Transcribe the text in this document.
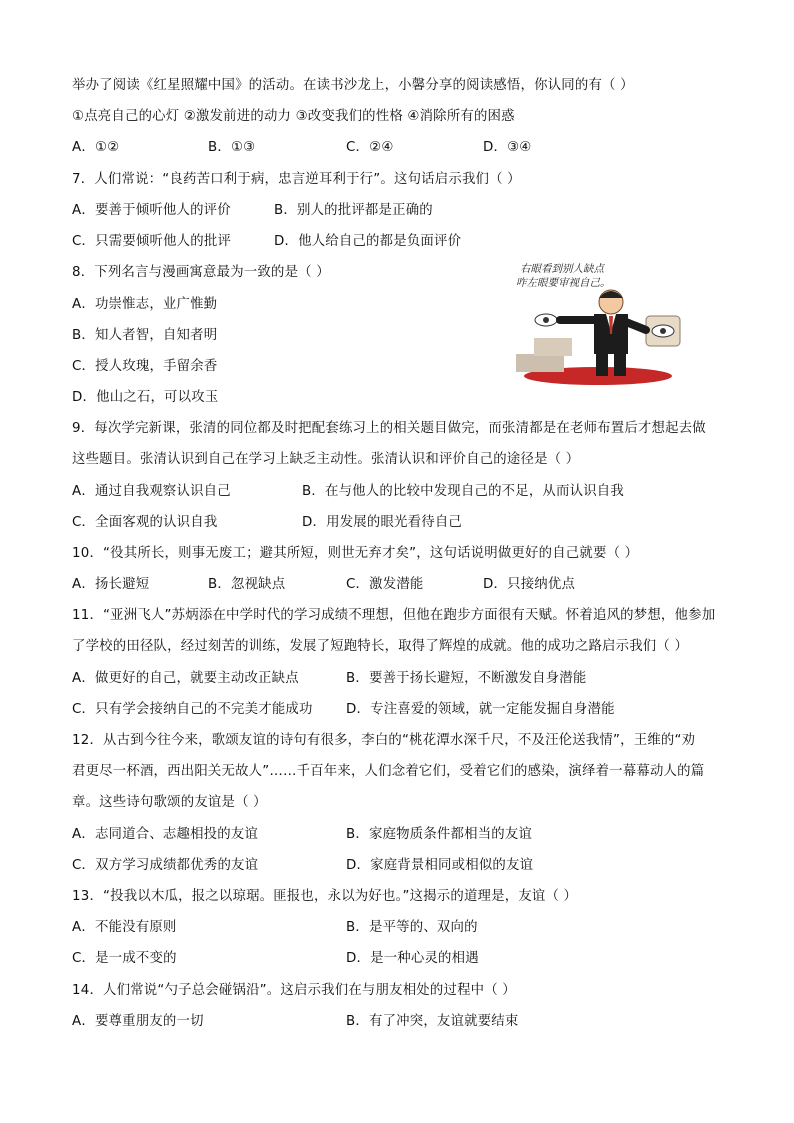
举办了阅读《红星照耀中国》的活动。在读书沙龙上，小馨分享的阅读感悟，你认同的有（ ）
①点亮自己的心灯 ②激发前进的动力 ③改变我们的性格 ④消除所有的困惑
A．①②	B．①③	C．②④	D．③④
7．人们常说：“良药苦口利于病，忠言逆耳利于行”。这句话启示我们（ ）
A．要善于倾听他人的评价	B．别人的批评都是正确的
C．只需要倾听他人的批评	D．他人给自己的都是负面评价
8．下列名言与漫画寓意最为一致的是（ ）
A．功崇惟志，业广惟勤
B．知人者智，自知者明
C．授人玫瑰，手留余香
D．他山之石，可以攻玉
右眼看到别人缺点
咋左眼要审视自己。
9．每次学完新课，张清的同位都及时把配套练习上的相关题目做完，而张清都是在老师布置后才想起去做
这些题目。张清认识到自己在学习上缺乏主动性。张清认识和评价自己的途径是（ ）
A．通过自我观察认识自己	B．在与他人的比较中发现自己的不足，从而认识自我
C．全面客观的认识自我	D．用发展的眼光看待自己
10．“役其所长，则事无废工；避其所短，则世无弃才矣”，这句话说明做更好的自己就要（ ）
A．扬长避短	B．忽视缺点	C．激发潜能	D．只接纳优点
11．“亚洲飞人”苏炳添在中学时代的学习成绩不理想，但他在跑步方面很有天赋。怀着追风的梦想，他参加
了学校的田径队，经过刻苦的训练，发展了短跑特长，取得了辉煌的成就。他的成功之路启示我们（ ）
A．做更好的自己，就要主动改正缺点	B．要善于扬长避短，不断激发自身潜能
C．只有学会接纳自己的不完美才能成功 D．专注喜爱的领域，就一定能发掘自身潜能
12．从古到今往今来，歌颂友谊的诗句有很多，李白的“桃花潭水深千尺，不及汪伦送我情”，王维的“劝
君更尽一杯酒，西出阳关无故人”……千百年来，人们念着它们，受着它们的感染，演绎着一幕幕动人的篇
章。这些诗句歌颂的友谊是（ ）
A．志同道合、志趣相投的友谊	B．家庭物质条件都相当的友谊
C．双方学习成绩都优秀的友谊	D．家庭背景相同或相似的友谊
13．“投我以木瓜，报之以琼琚。匪报也，永以为好也。”这揭示的道理是，友谊（ ）
A．不能没有原则	B．是平等的、双向的
C．是一成不变的	D．是一种心灵的相遇
14．人们常说“勺子总会碰锅沿”。这启示我们在与朋友相处的过程中（ ）
A．要尊重朋友的一切	B．有了冲突，友谊就要结束
